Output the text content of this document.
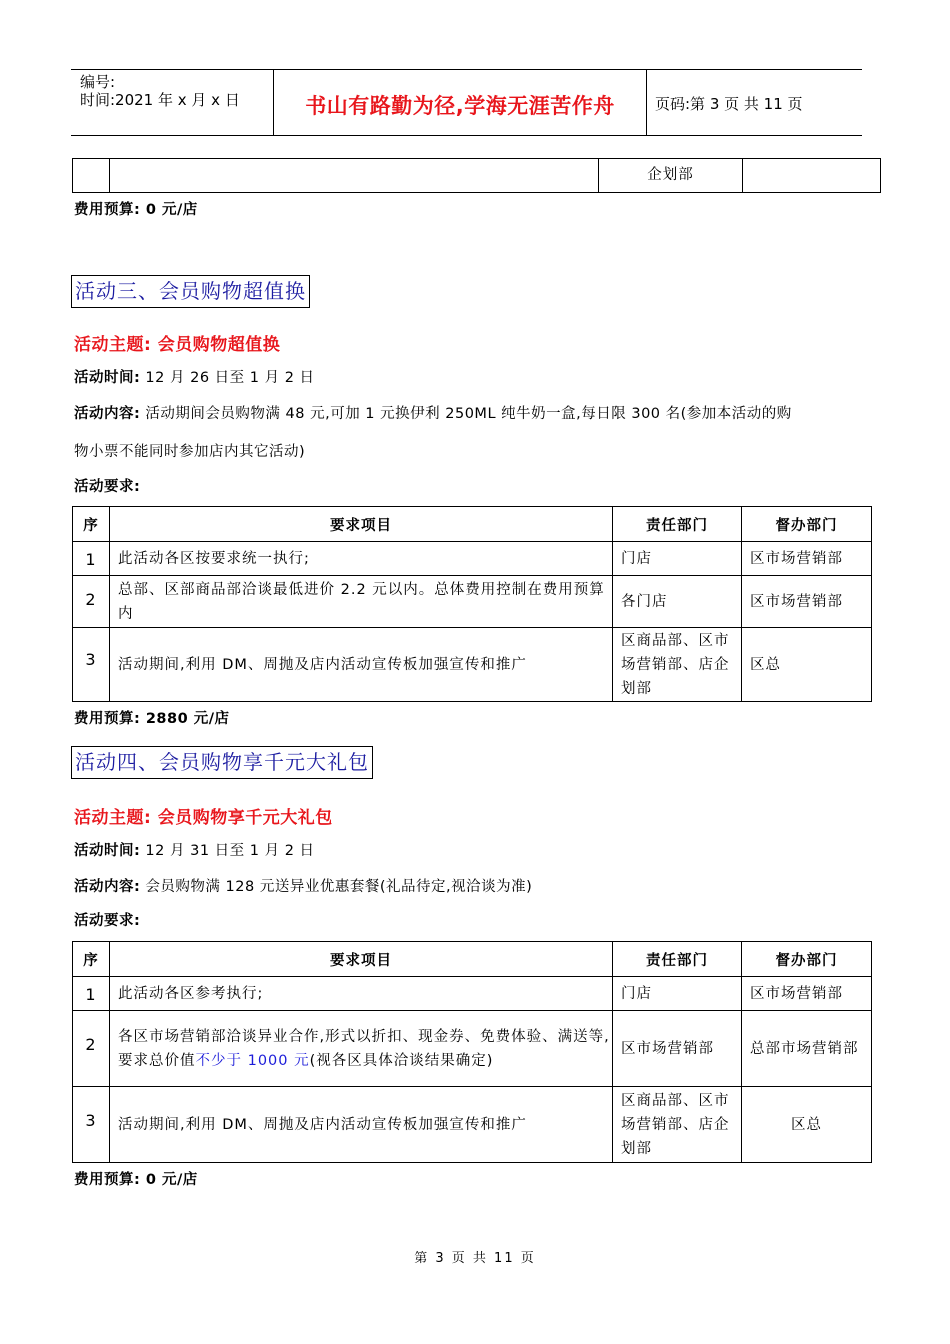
编号:
时间:2021 年 x 月 x 日	书山有路勤为径,学海无涯苦作舟	页码:第 3 页 共 11 页
		企划部	
费用预算: 0 元/店
活动三、会员购物超值换
活动主题: 会员购物超值换
活动时间: 12 月 26 日至 1 月 2 日
活动内容: 活动期间会员购物满 48 元,可加 1 元换伊利 250ML 纯牛奶一盒,每日限 300 名(参加本活动的购
物小票不能同时参加店内其它活动)
活动要求:
序	要求项目	责任部门	督办部门
1	此活动各区按要求统一执行;	门店	区市场营销部
2	总部、区部商品部洽谈最低进价 2.2 元以内。总体费用控制在费用预算内	各门店	区市场营销部
3	活动期间,利用 DM、周抛及店内活动宣传板加强宣传和推广	区商品部、区市场营销部、店企划部	区总
费用预算: 2880 元/店
活动四、会员购物享千元大礼包
活动主题: 会员购物享千元大礼包
活动时间: 12 月 31 日至 1 月 2 日
活动内容: 会员购物满 128 元送异业优惠套餐(礼品待定,视洽谈为准)
活动要求:
序	要求项目	责任部门	督办部门
1	此活动各区参考执行;	门店	区市场营销部
2	各区市场营销部洽谈异业合作,形式以折扣、现金券、免费体验、满送等,要求总价值不少于 1000 元(视各区具体洽谈结果确定)	区市场营销部	总部市场营销部
3	活动期间,利用 DM、周抛及店内活动宣传板加强宣传和推广	区商品部、区市场营销部、店企划部	区总
费用预算: 0 元/店
第 3 页 共 11 页
